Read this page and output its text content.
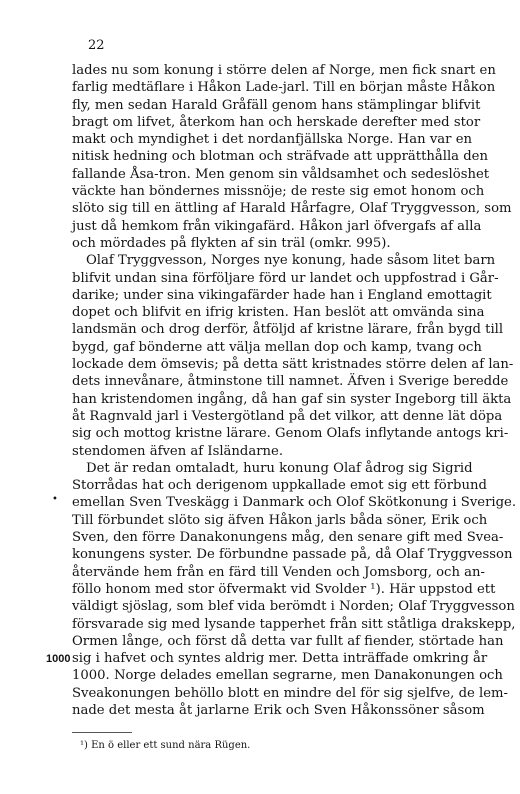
22
lades nu som konung i större delen af Norge, men fick snart en
farlig medtäflare i Håkon Lade-jarl. Till en början måste Håkon
fly, men sedan Harald Gråfäll genom hans stämplingar blifvit
bragt om lifvet, återkom han och herskade derefter med stor
makt och myndighet i det nordanfjällska Norge. Han var en
nitisk hedning och blotman och sträfvade att upprätthålla den
fallande Åsa-tron. Men genom sin våldsamhet och sedeslöshet
väckte han böndernes missnöje; de reste sig emot honom och
slöto sig till en ättling af Harald Hårfagre, Olaf Tryggvesson, som
just då hemkom från vikingafärd. Håkon jarl öfvergafs af alla
och mördades på flykten af sin träl (omkr. 995).
Olaf Tryggvesson, Norges nye konung, hade såsom litet barn
blifvit undan sina förföljare förd ur landet och uppfostrad i Går-
darike; under sina vikingafärder hade han i England emottagit
dopet och blifvit en ifrig kristen. Han beslöt att omvända sina
landsmän och drog derför, åtföljd af kristne lärare, från bygd till
bygd, gaf bönderne att välja mellan dop och kamp, tvang och
lockade dem ömsevis; på detta sätt kristnades större delen af lan-
dets innevånare, åtminstone till namnet. Äfven i Sverige beredde
han kristendomen ingång, då han gaf sin syster Ingeborg till äkta
åt Ragnvald jarl i Vestergötland på det vilkor, att denne lät döpa
sig och mottog kristne lärare. Genom Olafs inflytande antogs kri-
stendomen äfven af Isländarne.
Det är redan omtaladt, huru konung Olaf ådrog sig Sigrid
Storrådas hat och derigenom uppkallade emot sig ett förbund
emellan Sven Tveskägg i Danmark och Olof Skötkonung i Sverige.
Till förbundet slöto sig äfven Håkon jarls båda söner, Erik och
Sven, den förre Danakonungens måg, den senare gift med Svea-
konungens syster. De förbundne passade på, då Olaf Tryggvesson
återvände hem från en färd till Venden och Jomsborg, och an-
föllo honom med stor öfvermakt vid Svolder ¹). Här uppstod ett
väldigt sjöslag, som blef vida berömdt i Norden; Olaf Tryggvesson
försvarade sig med lysande tapperhet från sitt ståtliga drakskepp,
Ormen långe, och först då detta var fullt af fiender, störtade han
sig i hafvet och syntes aldrig mer. Detta inträffade omkring år
1000. Norge delades emellan segrarne, men Danakonungen och
Sveakonungen behöllo blott en mindre del för sig sjelfve, de lem-
nade det mesta åt jarlarne Erik och Sven Håkonssöner såsom
•
1000
¹) En ö eller ett sund nära Rügen.
